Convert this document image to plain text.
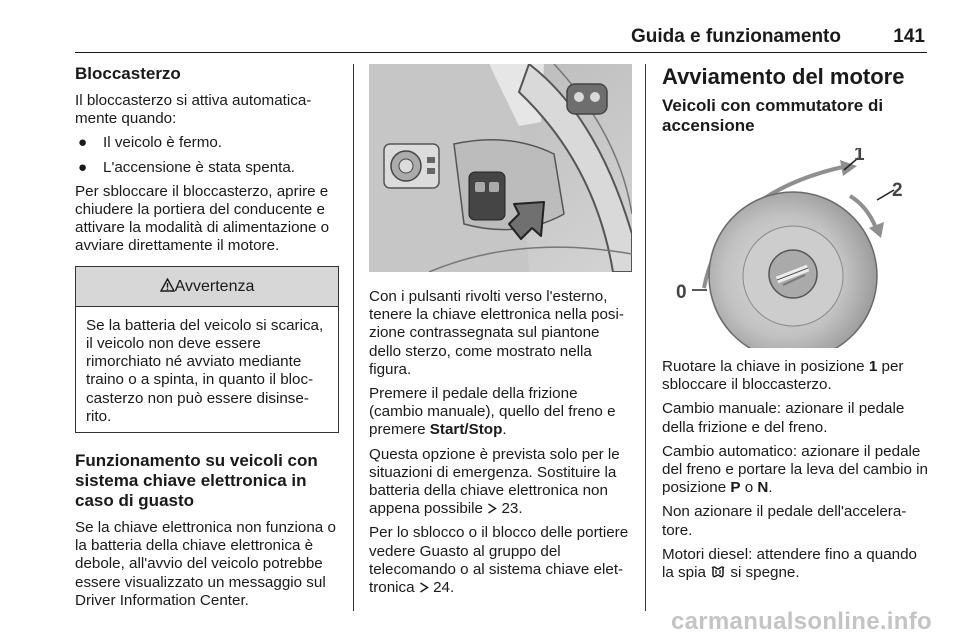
Guida e funzionamento	141
Bloccasterzo

Il bloccasterzo si attiva automatica-mente quando:

● Il veicolo è fermo.
● L'accensione è stata spenta.

Per sbloccare il bloccasterzo, aprire e chiudere la portiera del conducente e attivare la modalità di alimentazione o avviare direttamente il motore.

Avvertenza
Se la batteria del veicolo si scarica, il veicolo non deve essere rimorchiato né avviato mediante traino o a spinta, in quanto il bloc-casterzo non può essere disinse-rito.
Funzionamento su veicoli con sistema chiave elettronica in caso di guasto

Se la chiave elettronica non funziona o la batteria della chiave elettronica è debole, all'avvio del veicolo potrebbe essere visualizzato un messaggio sul Driver Information Center.

Con i pulsanti rivolti verso l'esterno, tenere la chiave elettronica nella posi-zione contrassegnata sul piantone dello sterzo, come mostrato nella figura.

Premere il pedale della frizione (cambio manuale), quello del freno e premere Start/Stop.

Questa opzione è prevista solo per le situazioni di emergenza. Sostituire la batteria della chiave elettronica non appena possibile 23.

Per lo sblocco o il blocco delle portiere vedere Guasto al gruppo del telecomando o al sistema chiave elet-tronica 24.

Avviamento del motore
Veicoli con commutatore di accensione
0
1
2

Ruotare la chiave in posizione 1 per sbloccare il bloccasterzo.

Cambio manuale: azionare il pedale della frizione e del freno.

Cambio automatico: azionare il pedale del freno e portare la leva del cambio in posizione P o N.

Non azionare il pedale dell'accelera-tore.

Motori diesel: attendere fino a quando la spia  si spegne.

carmanualsonline.info
